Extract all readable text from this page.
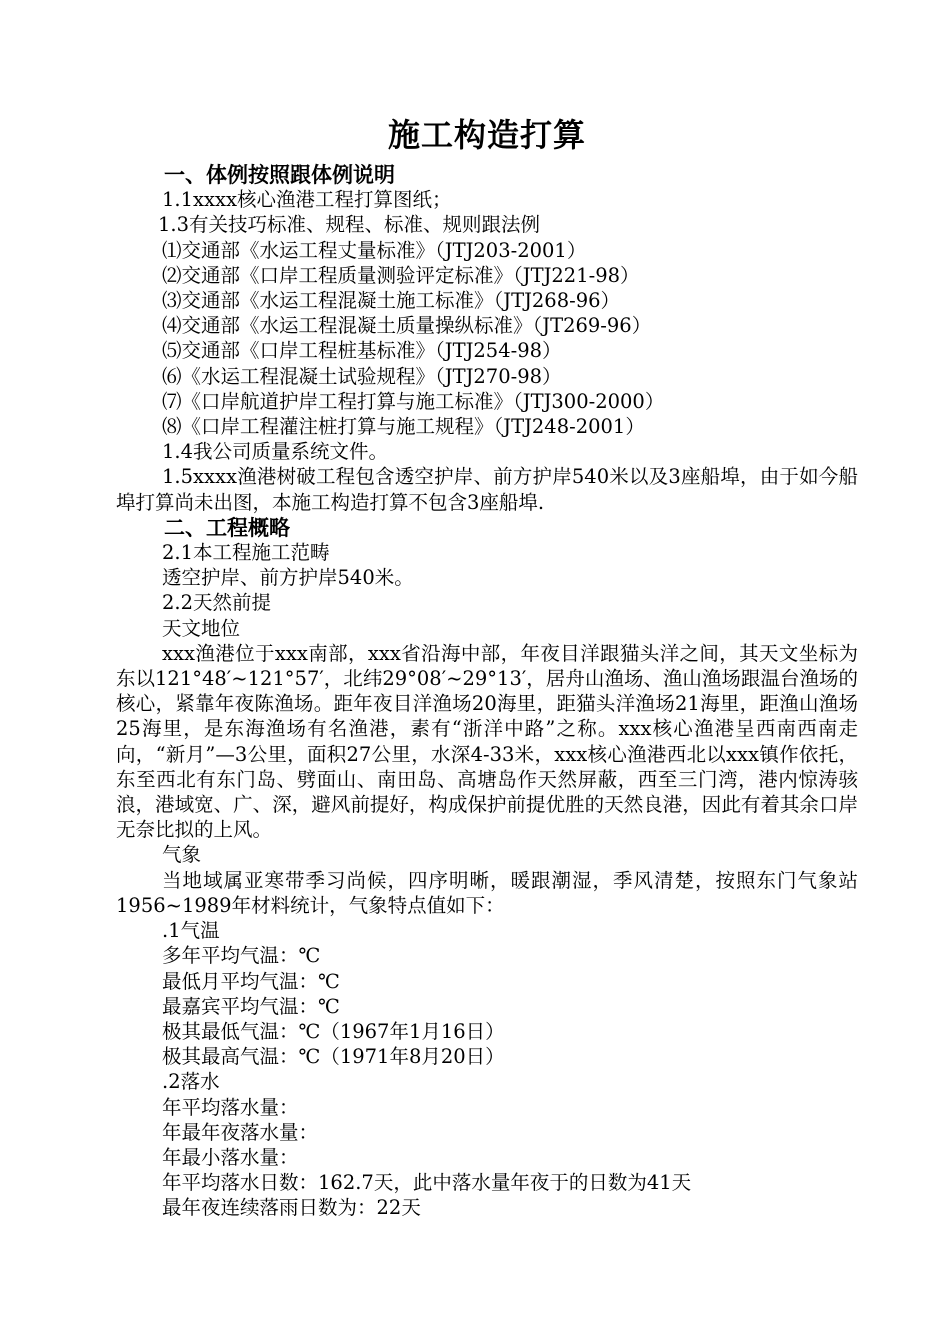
施工构造打算
一、体例按照跟体例说明
1.1xxxx核心渔港工程打算图纸；
1.3有关技巧标准、规程、标准、规则跟法例
⑴交通部《水运工程丈量标准》（JTJ203-2001）
⑵交通部《口岸工程质量测验评定标准》（JTJ221-98）
⑶交通部《水运工程混凝土施工标准》（JTJ268-96）
⑷交通部《水运工程混凝土质量操纵标准》（JT269-96）
⑸交通部《口岸工程桩基标准》（JTJ254-98）
⑹《水运工程混凝土试验规程》（JTJ270-98）
⑺《口岸航道护岸工程打算与施工标准》（JTJ300-2000）
⑻《口岸工程灌注桩打算与施工规程》（JTJ248-2001）
1.4我公司质量系统文件。
1.5xxxx渔港树破工程包含透空护岸、前方护岸540米以及3座船埠，由于如今船埠打算尚未出图，本施工构造打算不包含3座船埠.
二、工程概略
2.1本工程施工范畴
透空护岸、前方护岸540米。
2.2天然前提
天文地位
xxx渔港位于xxx南部，xxx省沿海中部，年夜目洋跟猫头洋之间，其天文坐标为东以121°48′~121°57′，北纬29°08′~29°13′，居舟山渔场、渔山渔场跟温台渔场的核心，紧靠年夜陈渔场。距年夜目洋渔场20海里，距猫头洋渔场21海里，距渔山渔场25海里，是东海渔场有名渔港，素有“浙洋中路”之称。xxx核心渔港呈西南西南走向，“新月”—3公里，面积27公里，水深4-33米，xxx核心渔港西北以xxx镇作依托，东至西北有东门岛、劈面山、南田岛、高塘岛作天然屏蔽，西至三门湾，港内惊涛骇浪，港域宽、广、深，避风前提好，构成保护前提优胜的天然良港，因此有着其余口岸无奈比拟的上风。
气象
当地域属亚寒带季习尚候，四序明晰，暖跟潮湿，季风清楚，按照东门气象站1956~1989年材料统计，气象特点值如下：
.1气温
多年平均气温：℃
最低月平均气温：℃
最嘉宾平均气温：℃
极其最低气温：℃（1967年1月16日）
极其最高气温：℃（1971年8月20日）
.2落水
年平均落水量：
年最年夜落水量：
年最小落水量：
年平均落水日数：162.7天，此中落水量年夜于的日数为41天
最年夜连续落雨日数为：22天
